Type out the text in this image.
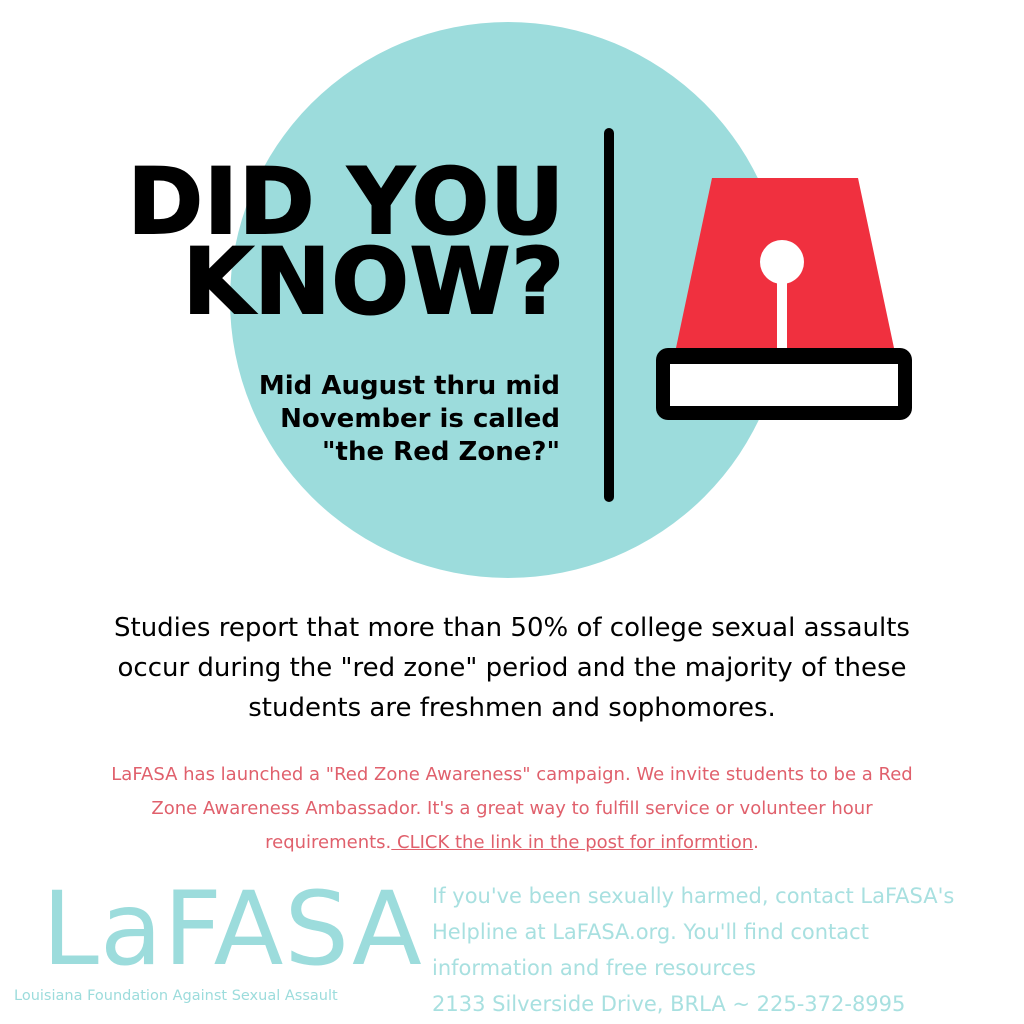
DID YOU
KNOW?
Mid August thru mid
November is called
"the Red Zone?"
Studies report that more than 50% of college sexual assaults
occur during the "red zone" period and the majority of these
students are freshmen and sophomores.
LaFASA has launched a "Red Zone Awareness" campaign. We invite students to be a Red
Zone Awareness Ambassador. It's a great way to fulfill service or volunteer hour
requirements. CLICK the link in the post for informtion.
LaFASA
Louisiana Foundation Against Sexual Assault
If you've been sexually harmed, contact LaFASA's
Helpline at LaFASA.org. You'll find contact
information and free resources
2133 Silverside Drive, BRLA ~ 225-372-8995
